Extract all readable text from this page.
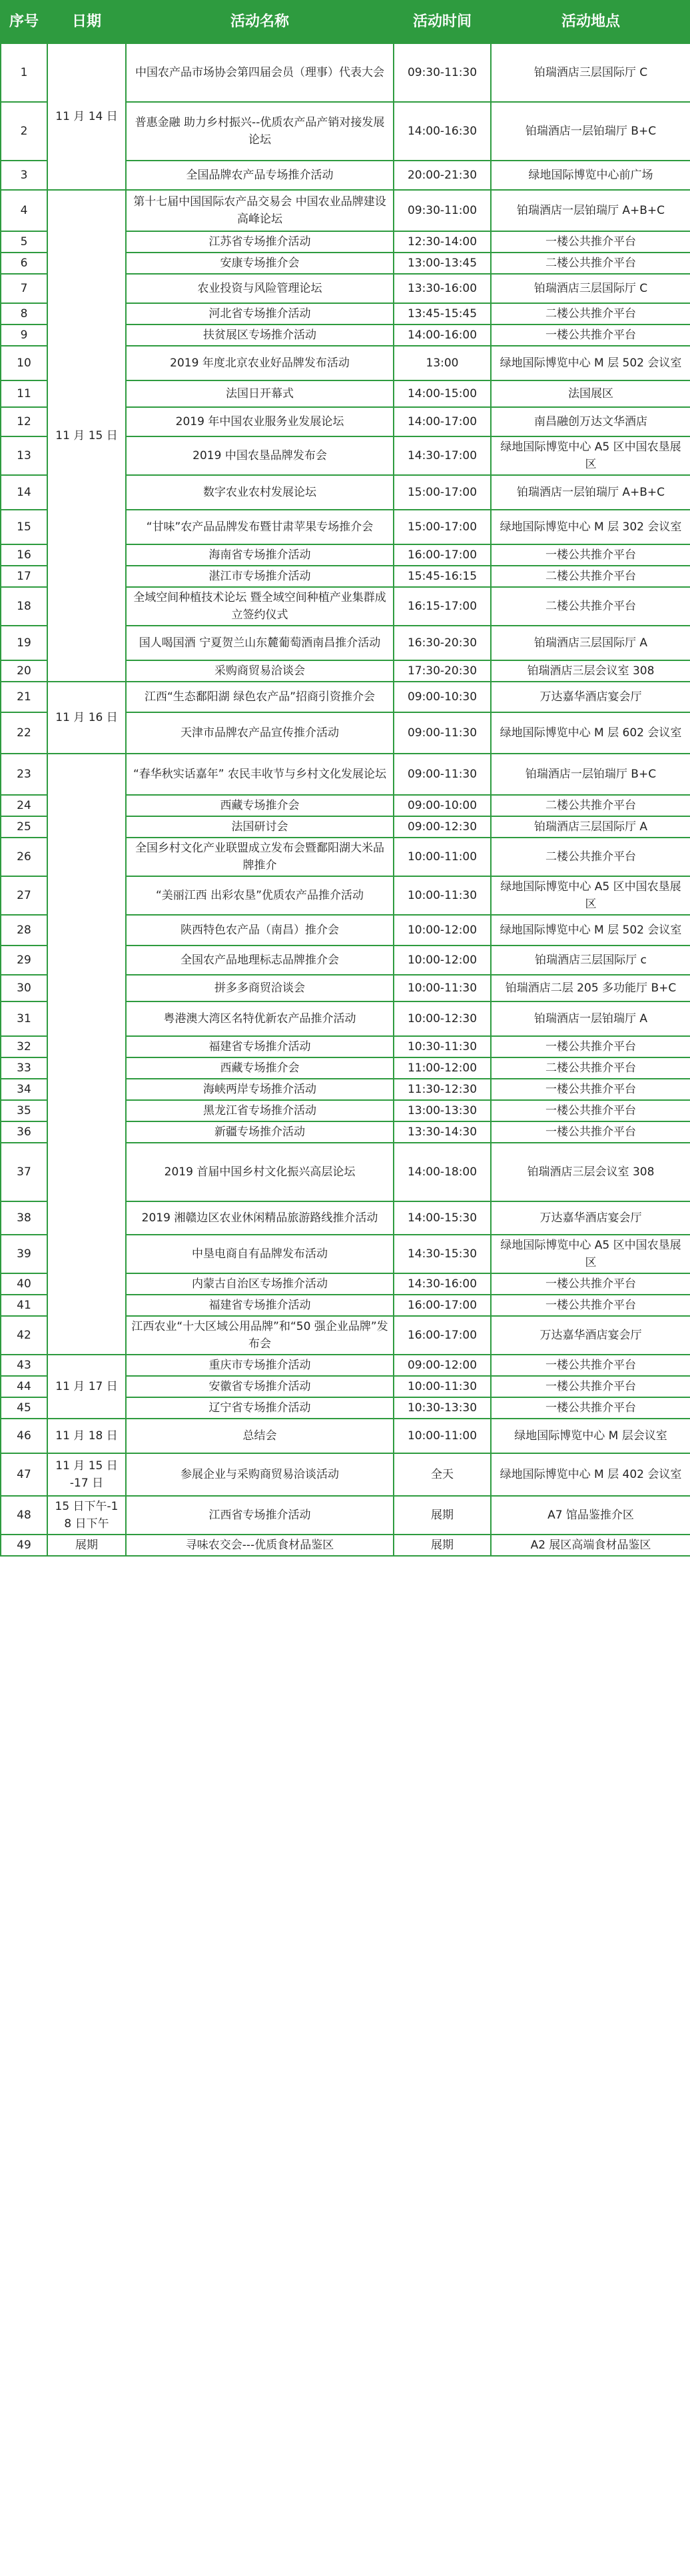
序号	日期	活动名称	活动时间	活动地点
1	11 月 14 日	中国农产品市场协会第四届会员（理事）代表大会	09:30-11:30	铂瑞酒店三层国际厅 C
2		普惠金融 助力乡村振兴--优质农产品产销对接发展论坛	14:00-16:30	铂瑞酒店一层铂瑞厅 B+C
3		全国品牌农产品专场推介活动	20:00-21:30	绿地国际博览中心前广场
4	11 月 15 日	第十七届中国国际农产品交易会 中国农业品牌建设高峰论坛	09:30-11:00	铂瑞酒店一层铂瑞厅 A+B+C
5		江苏省专场推介活动	12:30-14:00	一楼公共推介平台
6		安康专场推介会	13:00-13:45	二楼公共推介平台
7		农业投资与风险管理论坛	13:30-16:00	铂瑞酒店三层国际厅 C
8		河北省专场推介活动	13:45-15:45	二楼公共推介平台
9		扶贫展区专场推介活动	14:00-16:00	一楼公共推介平台
10		2019 年度北京农业好品牌发布活动	13:00	绿地国际博览中心 M 层 502 会议室
11		法国日开幕式	14:00-15:00	法国展区
12		2019 年中国农业服务业发展论坛	14:00-17:00	南昌融创万达文华酒店
13		2019 中国农垦品牌发布会	14:30-17:00	绿地国际博览中心 A5 区中国农垦展区
14		数字农业农村发展论坛	15:00-17:00	铂瑞酒店一层铂瑞厅 A+B+C
15		“甘味”农产品品牌发布暨甘肃苹果专场推介会	15:00-17:00	绿地国际博览中心 M 层 302 会议室
16		海南省专场推介活动	16:00-17:00	一楼公共推介平台
17		湛江市专场推介活动	15:45-16:15	二楼公共推介平台
18		全域空间种植技术论坛 暨全域空间种植产业集群成立签约仪式	16:15-17:00	二楼公共推介平台
19		国人喝国酒 宁夏贺兰山东麓葡萄酒南昌推介活动	16:30-20:30	铂瑞酒店三层国际厅 A
20		采购商贸易洽谈会	17:30-20:30	铂瑞酒店三层会议室 308
21	11 月 16 日	江西“生态鄱阳湖 绿色农产品”招商引资推介会	09:00-10:30	万达嘉华酒店宴会厅
22		天津市品牌农产品宣传推介活动	09:00-11:30	绿地国际博览中心 M 层 602 会议室
23		“春华秋实话嘉年” 农民丰收节与乡村文化发展论坛	09:00-11:30	铂瑞酒店一层铂瑞厅 B+C
24		西藏专场推介会	09:00-10:00	二楼公共推介平台
25		法国研讨会	09:00-12:30	铂瑞酒店三层国际厅 A
26		全国乡村文化产业联盟成立发布会暨鄱阳湖大米品牌推介	10:00-11:00	二楼公共推介平台
27		“美丽江西 出彩农垦”优质农产品推介活动	10:00-11:30	绿地国际博览中心 A5 区中国农垦展区
28		陕西特色农产品（南昌）推介会	10:00-12:00	绿地国际博览中心 M 层 502 会议室
29		全国农产品地理标志品牌推介会	10:00-12:00	铂瑞酒店三层国际厅 c
30		拼多多商贸洽谈会	10:00-11:30	铂瑞酒店二层 205 多功能厅 B+C
31		粤港澳大湾区名特优新农产品推介活动	10:00-12:30	铂瑞酒店一层铂瑞厅 A
32		福建省专场推介活动	10:30-11:30	一楼公共推介平台
33		西藏专场推介会	11:00-12:00	二楼公共推介平台
34		海峡两岸专场推介活动	11:30-12:30	一楼公共推介平台
35		黑龙江省专场推介活动	13:00-13:30	一楼公共推介平台
36		新疆专场推介活动	13:30-14:30	一楼公共推介平台
37		2019 首届中国乡村文化振兴高层论坛	14:00-18:00	铂瑞酒店三层会议室 308
38		2019 湘赣边区农业休闲精品旅游路线推介活动	14:00-15:30	万达嘉华酒店宴会厅
39		中垦电商自有品牌发布活动	14:30-15:30	绿地国际博览中心 A5 区中国农垦展区
40		内蒙古自治区专场推介活动	14:30-16:00	一楼公共推介平台
41		福建省专场推介活动	16:00-17:00	一楼公共推介平台
42		江西农业“十大区域公用品牌”和“50 强企业品牌”发布会	16:00-17:00	万达嘉华酒店宴会厅
43	11 月 17 日	重庆市专场推介活动	09:00-12:00	一楼公共推介平台
44		安徽省专场推介活动	10:00-11:30	一楼公共推介平台
45		辽宁省专场推介活动	10:30-13:30	一楼公共推介平台
46	11 月 18 日	总结会	10:00-11:00	绿地国际博览中心 M 层会议室
47	11 月 15 日 -17 日	参展企业与采购商贸易洽谈活动	全天	绿地国际博览中心 M 层 402 会议室
48	15 日下午-18 日下午	江西省专场推介活动	展期	A7 馆品鉴推介区
49	展期	寻味农交会---优质食材品鉴区	展期	A2 展区高端食材品鉴区
